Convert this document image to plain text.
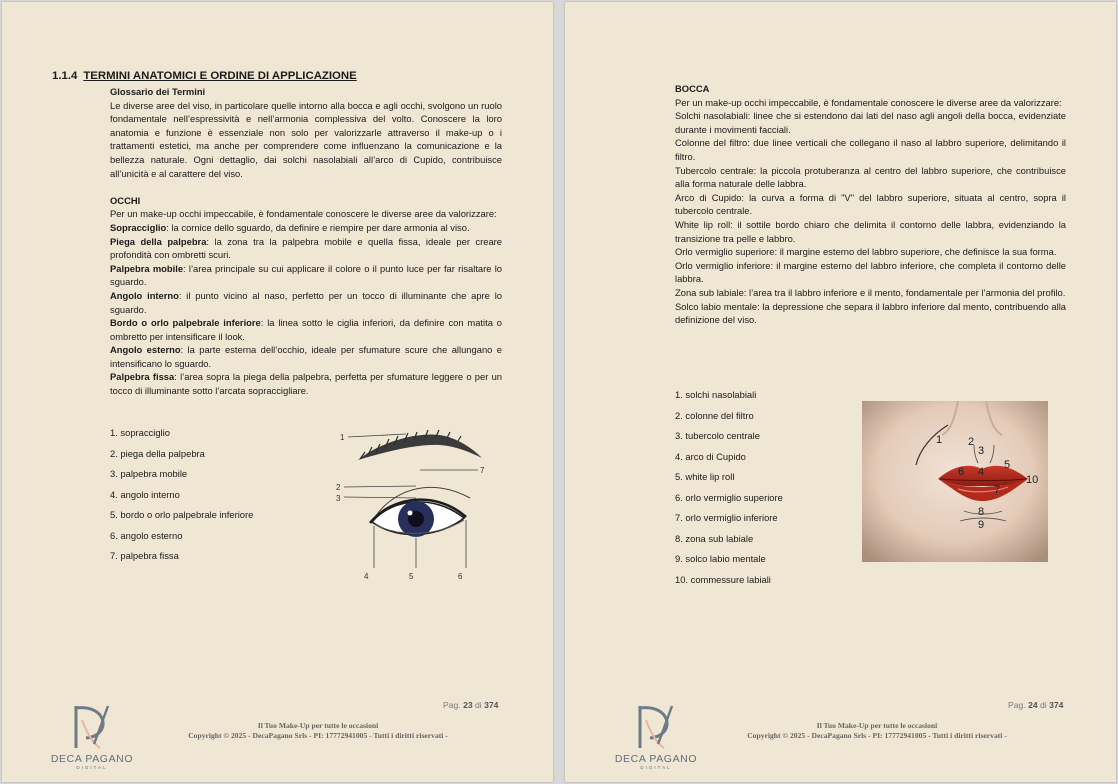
1.1.4 TERMINI ANATOMICI E ORDINE DI APPLICAZIONE
Glossario dei Termini
Le diverse aree del viso, in particolare quelle intorno alla bocca e agli occhi, svolgono un ruolo fondamentale nell’espressività e nell’armonia complessiva del volto. Conoscere la loro anatomia e funzione è essenziale non solo per valorizzarle attraverso il make-up o i trattamenti estetici, ma anche per comprendere come influenzano la comunicazione e la bellezza naturale. Ogni dettaglio, dai solchi nasolabiali all’arco di Cupido, contribuisce all’unicità e al carattere del viso.
OCCHI
Per un make-up occhi impeccabile, è fondamentale conoscere le diverse aree da valorizzare:
Sopracciglio: la cornice dello sguardo, da definire e riempire per dare armonia al viso.
Piega della palpebra: la zona tra la palpebra mobile e quella fissa, ideale per creare profondità con ombretti scuri.
Palpebra mobile: l’area principale su cui applicare il colore o il punto luce per far risaltare lo sguardo.
Angolo interno: il punto vicino al naso, perfetto per un tocco di illuminante che apre lo sguardo.
Bordo o orlo palpebrale inferiore: la linea sotto le ciglia inferiori, da definire con matita o ombretto per intensificare il look.
Angolo esterno: la parte esterna dell’occhio, ideale per sfumature scure che allungano e intensificano lo sguardo.
Palpebra fissa: l’area sopra la piega della palpebra, perfetta per sfumature leggere o per un tocco di illuminante sotto l’arcata sopraccigliare.
1. sopracciglio
2. piega della palpebra
3. palpebra mobile
4. angolo interno
5. bordo o orlo palpebrale inferiore
6. angolo esterno
7. palpebra fissa
1
2
3
4	5	6
7
Pag. 23 di 374
DECA PAGANO
DIGITAL
Il Tuo Make-Up per tutte le occasioni
Copyright © 2025 - DecaPagano Srls - PI: 17772941005 - Tutti i diritti riservati -
BOCCA
Per un make-up occhi impeccabile, è fondamentale conoscere le diverse aree da valorizzare:
Solchi nasolabiali: linee che si estendono dai lati del naso agli angoli della bocca, evidenziate durante i movimenti facciali.
Colonne del filtro: due linee verticali che collegano il naso al labbro superiore, delimitando il filtro.
Tubercolo centrale: la piccola protuberanza al centro del labbro superiore, che contribuisce alla forma naturale delle labbra.
Arco di Cupido: la curva a forma di "V" del labbro superiore, situata al centro, sopra il tubercolo centrale.
White lip roll: il sottile bordo chiaro che delimita il contorno delle labbra, evidenziando la transizione tra pelle e labbro.
Orlo vermiglio superiore: il margine esterno del labbro superiore, che definisce la sua forma.
Orlo vermiglio inferiore: il margine esterno del labbro inferiore, che completa il contorno delle labbra.
Zona sub labiale: l’area tra il labbro inferiore e il mento, fondamentale per l’armonia del profilo.
Solco labio mentale: la depressione che separa il labbro inferiore dal mento, contribuendo alla definizione del viso.
1. solchi nasolabiali
2. colonne del filtro
3. tubercolo centrale
4. arco di Cupido
5. white lip roll
6. orlo vermiglio superiore
7. orlo vermiglio inferiore
8. zona sub labiale
9. solco labio mentale
10. commessure labiali
1 2
3
4
5
6
7
8
9
10
Pag. 24 di 374
DECA PAGANO
DIGITAL
Il Tuo Make-Up per tutte le occasioni
Copyright © 2025 - DecaPagano Srls - PI: 17772941005 - Tutti i diritti riservati -
